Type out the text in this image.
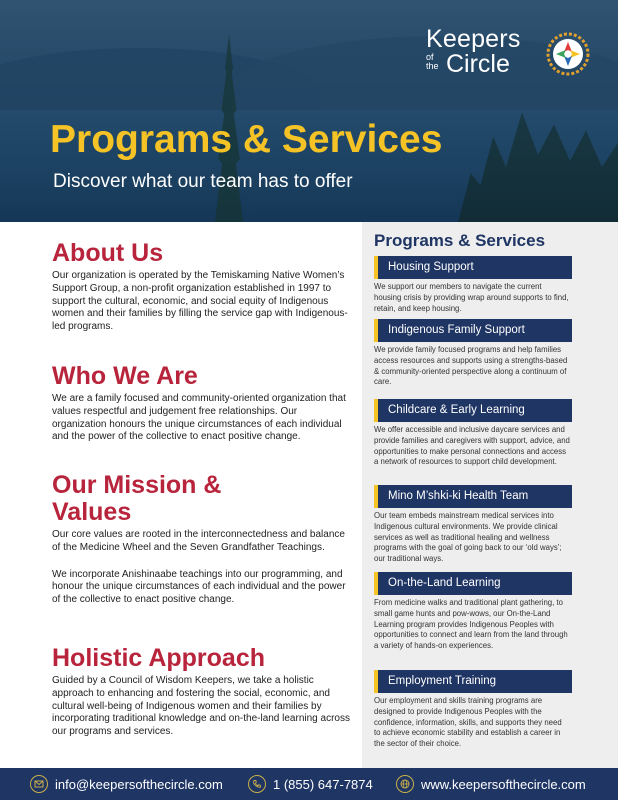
Keepers
of
the Circle
Programs & Services
Discover what our team has to offer
About Us
Our organization is operated by the Temiskaming Native Women’s Support Group, a non-profit organization established in 1997 to support the cultural, economic, and social equity of Indigenous women and their families by filling the service gap with Indigenous-led programs.
Who We Are
We are a family focused and community-oriented organization that values respectful and judgement free relationships. Our organization honours the unique circumstances of each individual and the power of the collective to enact positive change.
Our Mission &
Values
Our core values are rooted in the interconnectedness and balance of the Medicine Wheel and the Seven Grandfather Teachings.
We incorporate Anishinaabe teachings into our programming, and honour the unique circumstances of each individual and the power of the collective to enact positive change.
Holistic Approach
Guided by a Council of Wisdom Keepers, we take a holistic approach to enhancing and fostering the social, economic, and cultural well-being of Indigenous women and their families by incorporating traditional knowledge and on-the-land learning across our programs and services.
Programs & Services
Housing Support
We support our members to navigate the current housing crisis by providing wrap around supports to find, retain, and keep housing.
Indigenous Family Support
We provide family focused programs and help families access resources and supports using a strengths-based & community-oriented perspective along a continuum of care.
Childcare & Early Learning
We offer accessible and inclusive daycare services and provide families and caregivers with support, advice, and opportunities to make personal connections and access a network of resources to support child development.
Mino M’shki-ki Health Team
Our team embeds mainstream medical services into Indigenous cultural environments. We provide clinical services as well as traditional healing and wellness programs with the goal of going back to our ‘old ways’; our traditional ways.
On-the-Land Learning
From medicine walks and traditional plant gathering, to small game hunts and pow-wows, our On-the-Land Learning program provides Indigenous Peoples with opportunities to connect and learn from the land through a variety of hands-on experiences.
Employment Training
Our employment and skills training programs are designed to provide Indigenous Peoples with the confidence, information, skills, and supports they need to achieve economic stability and establish a career in the sector of their choice.
info@keepersofthecircle.com	1 (855) 647-7874	www.keepersofthecircle.com
